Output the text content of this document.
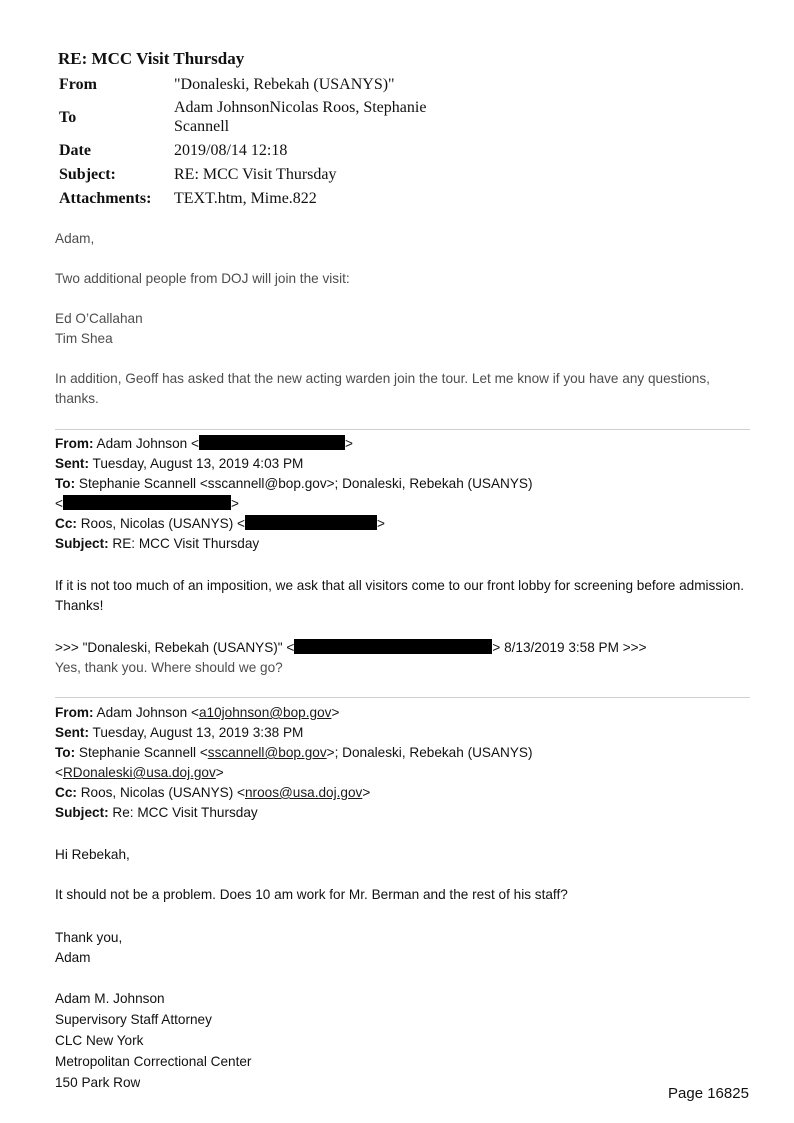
RE: MCC Visit Thursday
From	"Donaleski, Rebekah (USANYS)"
To	Adam JohnsonNicolas Roos, Stephanie Scannell
Date	2019/08/14 12:18
Subject:	RE: MCC Visit Thursday
Attachments:	TEXT.htm, Mime.822
Adam,
Two additional people from DOJ will join the visit:
Ed O’Callahan
Tim Shea
In addition, Geoff has asked that the new acting warden join the tour. Let me know if you have any questions, thanks.
From: Adam Johnson <	>
Sent: Tuesday, August 13, 2019 4:03 PM
To: Stephanie Scannell <sscannell@bop.gov>; Donaleski, Rebekah (USANYS)
<	>
Cc: Roos, Nicolas (USANYS) <	>
Subject: RE: MCC Visit Thursday
If it is not too much of an imposition, we ask that all visitors come to our front lobby for screening before admission. Thanks!
>>> "Donaleski, Rebekah (USANYS)" <	> 8/13/2019 3:58 PM >>>
Yes, thank you. Where should we go?
From: Adam Johnson <a10johnson@bop.gov>
Sent: Tuesday, August 13, 2019 3:38 PM
To: Stephanie Scannell <sscannell@bop.gov>; Donaleski, Rebekah (USANYS)
<RDonaleski@usa.doj.gov>
Cc: Roos, Nicolas (USANYS) <nroos@usa.doj.gov>
Subject: Re: MCC Visit Thursday
Hi Rebekah,
It should not be a problem. Does 10 am work for Mr. Berman and the rest of his staff?
Thank you,
Adam
Adam M. Johnson
Supervisory Staff Attorney
CLC New York
Metropolitan Correctional Center
150 Park Row
Page 16825
